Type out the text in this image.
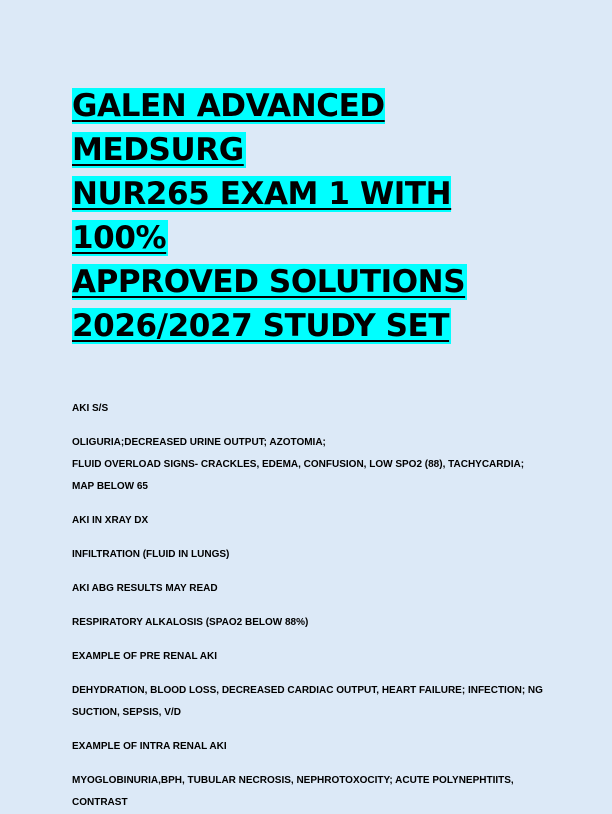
GALEN ADVANCED MEDSURG
NUR265 EXAM 1 WITH 100%
APPROVED SOLUTIONS
2026/2027 STUDY SET

AKI S/S

OLIGURIA;DECREASED URINE OUTPUT; AZOTOMIA;
FLUID OVERLOAD SIGNS- CRACKLES, EDEMA, CONFUSION, LOW SPO2 (88), TACHYCARDIA;
MAP BELOW 65

AKI IN XRAY DX

INFILTRATION (FLUID IN LUNGS)

AKI ABG RESULTS MAY READ

RESPIRATORY ALKALOSIS (SPAO2 BELOW 88%)

EXAMPLE OF PRE RENAL AKI

DEHYDRATION, BLOOD LOSS, DECREASED CARDIAC OUTPUT, HEART FAILURE; INFECTION; NG
SUCTION, SEPSIS, V/D

EXAMPLE OF INTRA RENAL AKI

MYOGLOBINURIA,BPH, TUBULAR NECROSIS, NEPHROTOXOCITY; ACUTE POLYNEPHTIITS,
CONTRAST
